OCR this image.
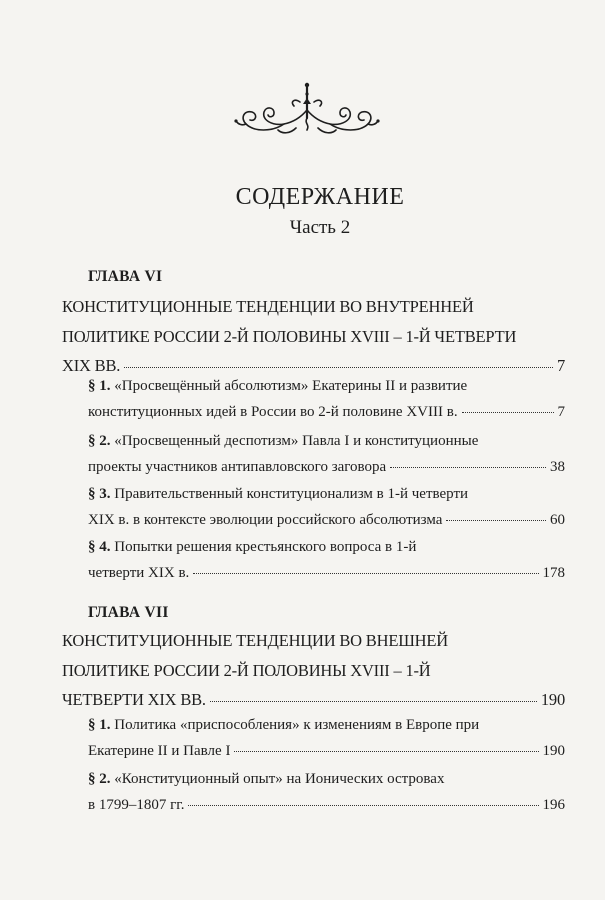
СОДЕРЖАНИЕ
Часть 2
ГЛАВА VI
КОНСТИТУЦИОННЫЕ ТЕНДЕНЦИИ ВО ВНУТРЕННЕЙ
ПОЛИТИКЕ РОССИИ 2-Й ПОЛОВИНЫ XVIII – 1-Й ЧЕТВЕРТИ
XIX ВВ.	7
§ 1. «Просвещённый абсолютизм» Екатерины II и развитие
конституционных идей в России во 2-й половине XVIII в.	7
§ 2. «Просвещенный деспотизм» Павла I и конституционные
проекты участников антипавловского заговора	38
§ 3. Правительственный конституционализм в 1-й четверти
XIX в. в контексте эволюции российского абсолютизма	60
§ 4. Попытки решения крестьянского вопроса в 1-й
четверти XIX в.	178
ГЛАВА VII
КОНСТИТУЦИОННЫЕ ТЕНДЕНЦИИ ВО ВНЕШНЕЙ
ПОЛИТИКЕ РОССИИ 2-Й ПОЛОВИНЫ XVIII – 1-Й
ЧЕТВЕРТИ XIX ВВ.	190
§ 1. Политика «приспособления» к изменениям в Европе при
Екатерине II и Павле I	190
§ 2. «Конституционный опыт» на Ионических островах
в 1799–1807 гг.	196
